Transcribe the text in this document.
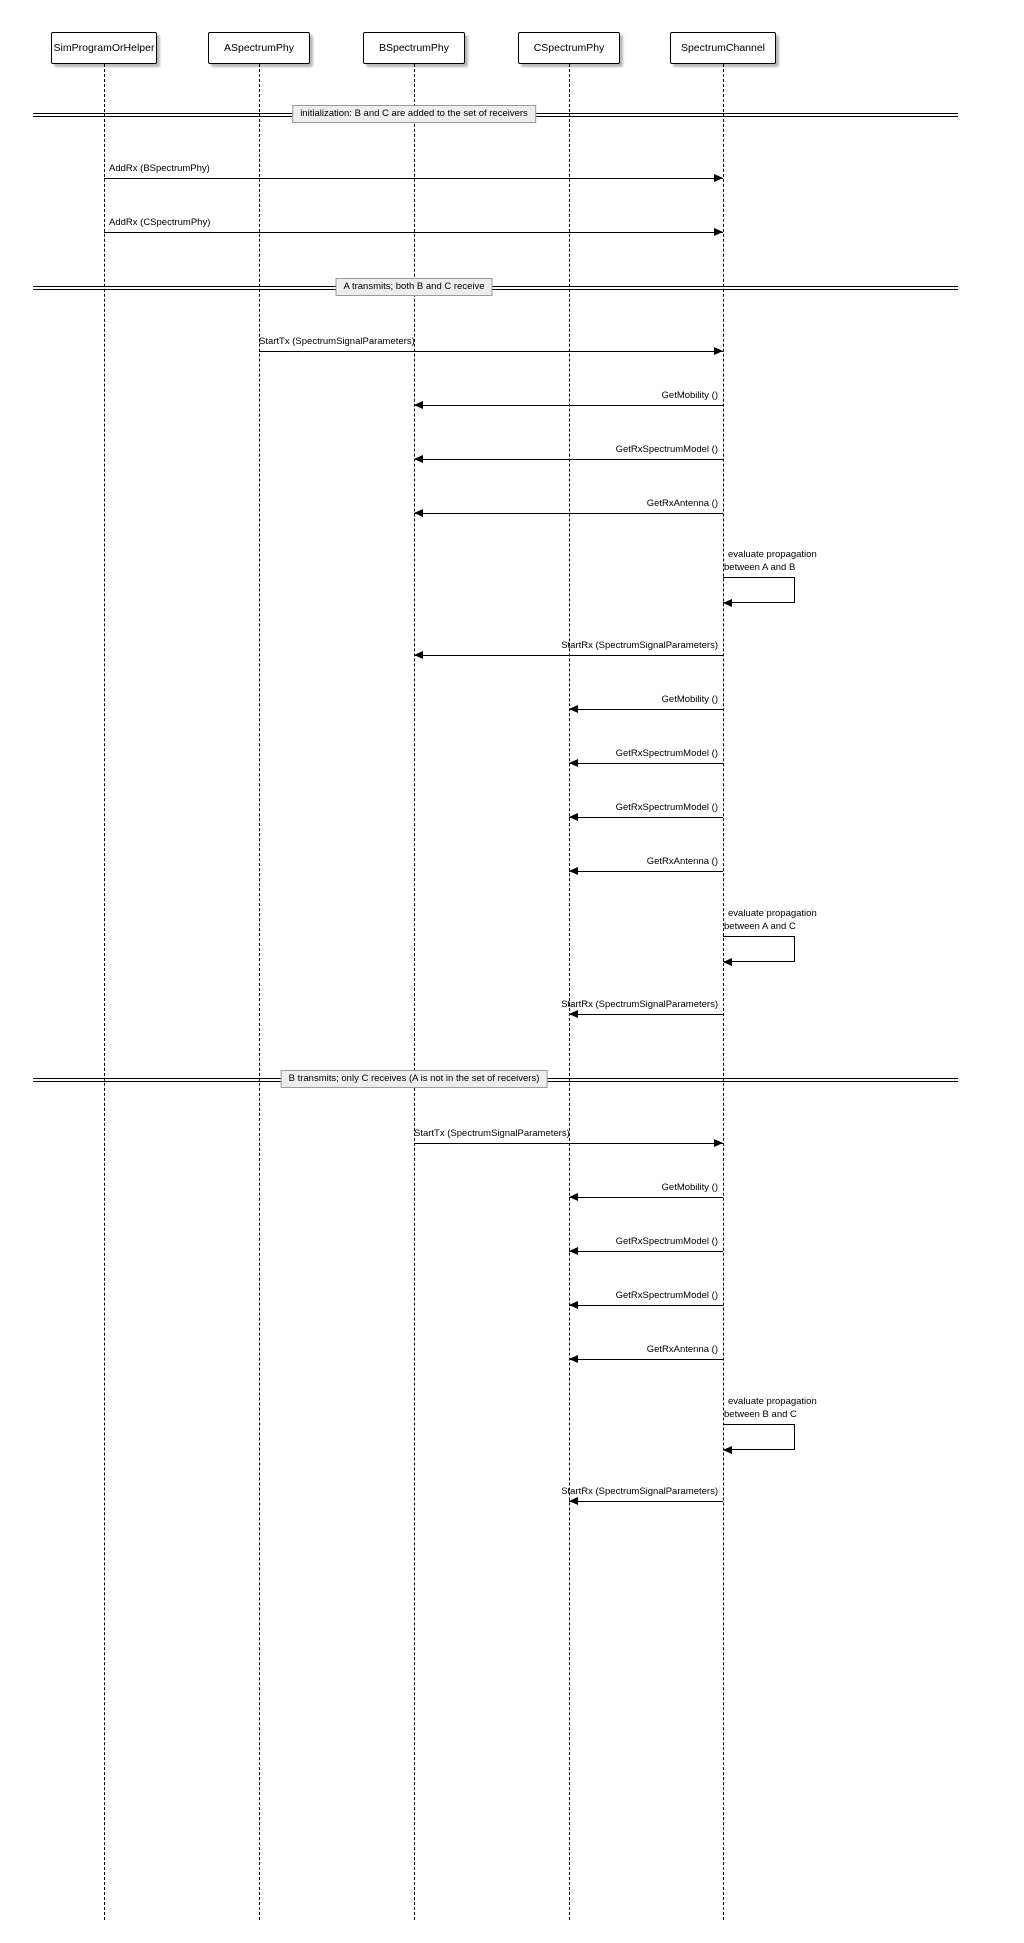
SimProgramOrHelper	ASpectrumPhy	BSpectrumPhy	CSpectrumPhy	SpectrumChannel
initialization: B and C are added to the set of receivers
A transmits; both B and C receive
B transmits; only C receives (A is not in the set of receivers)
AddRx (BSpectrumPhy)
AddRx (CSpectrumPhy)
StartTx (SpectrumSignalParameters)
GetMobility ()
GetRxSpectrumModel ()
GetRxAntenna ()
StartRx (SpectrumSignalParameters)
GetMobility ()
GetRxSpectrumModel ()
GetRxSpectrumModel ()
GetRxAntenna ()
StartRx (SpectrumSignalParameters)
StartTx (SpectrumSignalParameters)
GetMobility ()
GetRxSpectrumModel ()
GetRxSpectrumModel ()
GetRxAntenna ()
StartRx (SpectrumSignalParameters)
evaluate propagation
between A and B
evaluate propagation
between A and C
evaluate propagation
between B and C
